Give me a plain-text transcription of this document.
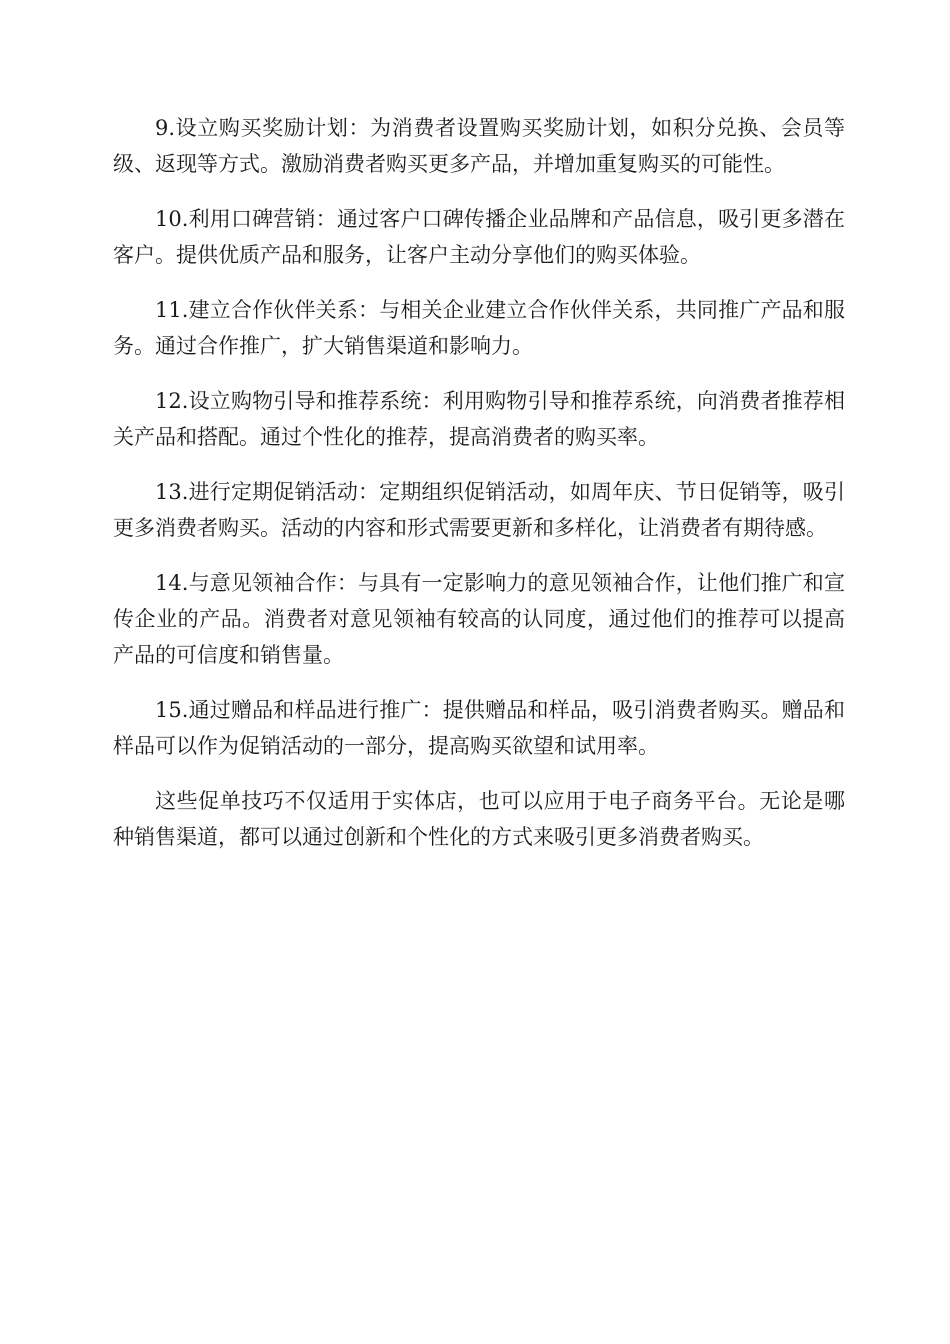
9.设立购买奖励计划：为消费者设置购买奖励计划，如积分兑换、会员等级、返现等方式。激励消费者购买更多产品，并增加重复购买的可能性。

10.利用口碑营销：通过客户口碑传播企业品牌和产品信息，吸引更多潜在客户。提供优质产品和服务，让客户主动分享他们的购买体验。

11.建立合作伙伴关系：与相关企业建立合作伙伴关系，共同推广产品和服务。通过合作推广，扩大销售渠道和影响力。

12.设立购物引导和推荐系统：利用购物引导和推荐系统，向消费者推荐相关产品和搭配。通过个性化的推荐，提高消费者的购买率。

13.进行定期促销活动：定期组织促销活动，如周年庆、节日促销等，吸引更多消费者购买。活动的内容和形式需要更新和多样化，让消费者有期待感。

14.与意见领袖合作：与具有一定影响力的意见领袖合作，让他们推广和宣传企业的产品。消费者对意见领袖有较高的认同度，通过他们的推荐可以提高产品的可信度和销售量。

15.通过赠品和样品进行推广：提供赠品和样品，吸引消费者购买。赠品和样品可以作为促销活动的一部分，提高购买欲望和试用率。

这些促单技巧不仅适用于实体店，也可以应用于电子商务平台。无论是哪种销售渠道，都可以通过创新和个性化的方式来吸引更多消费者购买。
